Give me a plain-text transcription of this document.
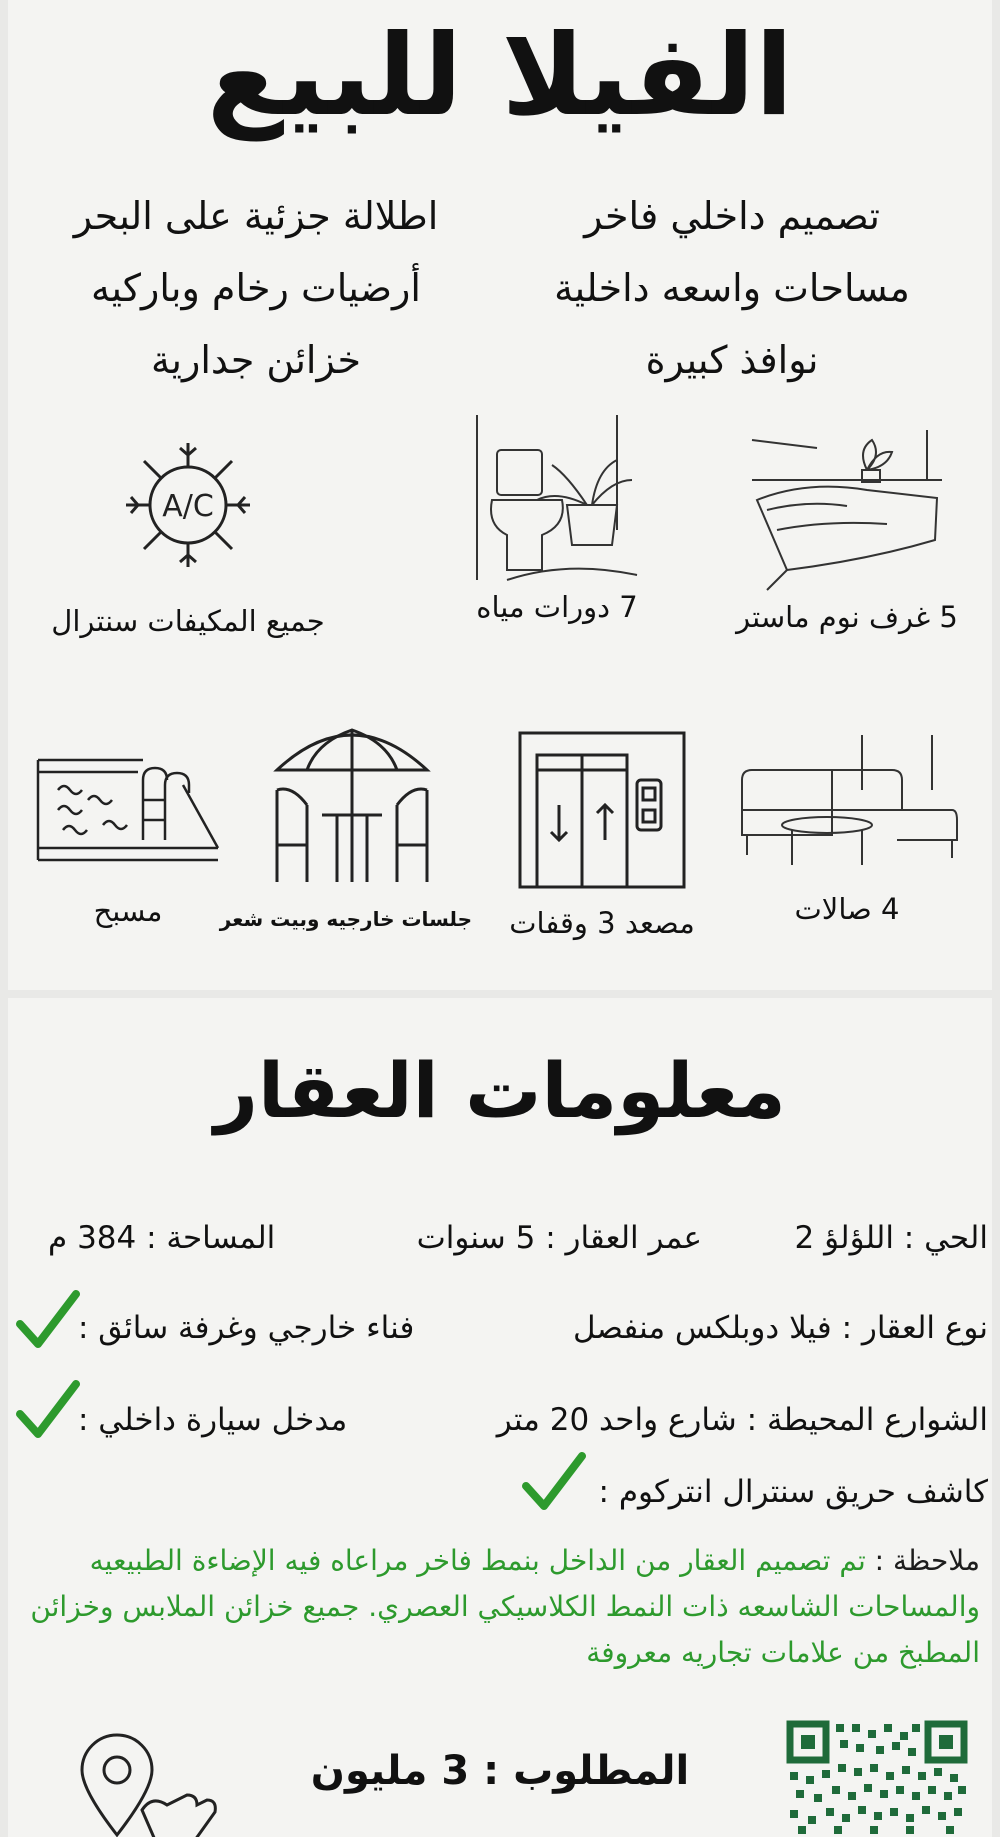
الفيلا للبيع
تصميم داخلي فاخر
مساحات واسعه داخلية
نوافذ كبيرة
اطلالة جزئية على البحر
أرضيات رخام وباركيه
خزائن جدارية
5 غرف نوم ماستر
7 دورات مياه
A/C
جميع المكيفات سنترال
4 صالات
مصعد 3 وقفات
جلسات خارجيه وبيت شعر
مسبح
معلومات العقار
الحي : اللؤلؤ 2
عمر العقار : 5 سنوات
المساحة : 384 م
نوع العقار : فيلا دوبلكس منفصل
فناء خارجي وغرفة سائق :
الشوارع المحيطة : شارع واحد 20 متر
مدخل سيارة داخلي :
كاشف حريق سنترال انتركوم :
ملاحظة : تم تصميم العقار من الداخل بنمط فاخر مراعاه فيه الإضاءة الطبيعيه والمساحات الشاسعه ذات النمط الكلاسيكي العصري. جميع خزائن الملابس وخزائن المطبخ من علامات تجاريه معروفة
المطلوب : 3 مليون
